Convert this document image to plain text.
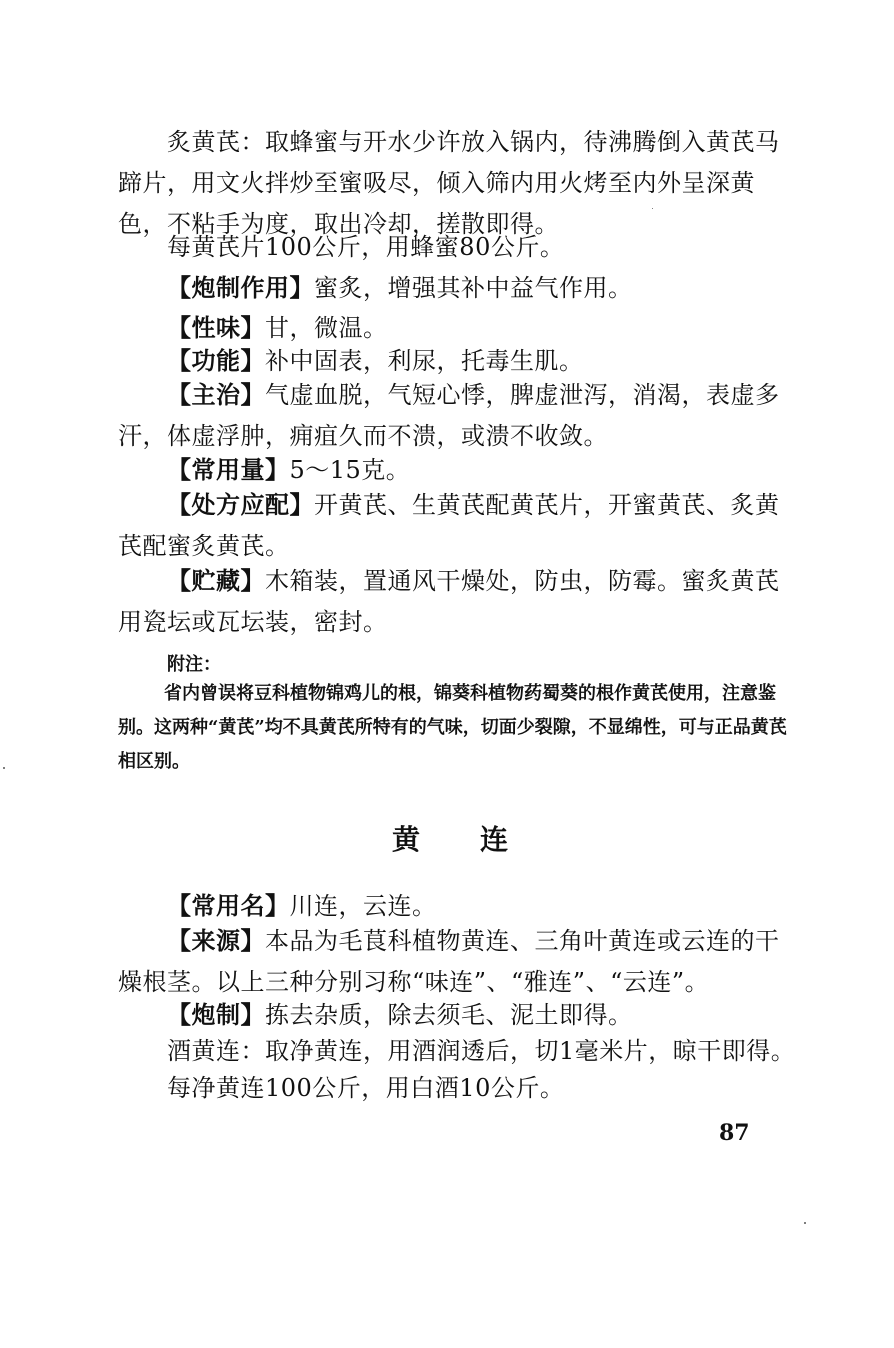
炙黄芪：取蜂蜜与开水少许放入锅内，待沸腾倒入黄芪马蹄片，用文火拌炒至蜜吸尽，倾入筛内用火烤至内外呈深黄色，不粘手为度，取出冷却，搓散即得。

每黄芪片100公斤，用蜂蜜80公斤。

【炮制作用】蜜炙，增强其补中益气作用。

【性味】甘，微温。

【功能】补中固表，利尿，托毒生肌。

【主治】气虚血脱，气短心悸，脾虚泄泻，消渴，表虚多汗，体虚浮肿，痈疽久而不溃，或溃不收敛。

【常用量】5～15克。

【处方应配】开黄芪、生黄芪配黄芪片，开蜜黄芪、炙黄芪配蜜炙黄芪。

【贮藏】木箱装，置通风干燥处，防虫，防霉。蜜炙黄芪用瓷坛或瓦坛装，密封。

附注：

省内曾误将豆科植物锦鸡儿的根，锦葵科植物药蜀葵的根作黄芪使用，注意鉴别。这两种“黄芪”均不具黄芪所特有的气味，切面少裂隙，不显绵性，可与正品黄芪相区别。

黄连

【常用名】川连，云连。

【来源】本品为毛茛科植物黄连、三角叶黄连或云连的干燥根茎。以上三种分别习称“味连”、“雅连”、“云连”。

【炮制】拣去杂质，除去须毛、泥土即得。

酒黄连：取净黄连，用酒润透后，切1毫米片，晾干即得。

每净黄连100公斤，用白酒10公斤。

87
